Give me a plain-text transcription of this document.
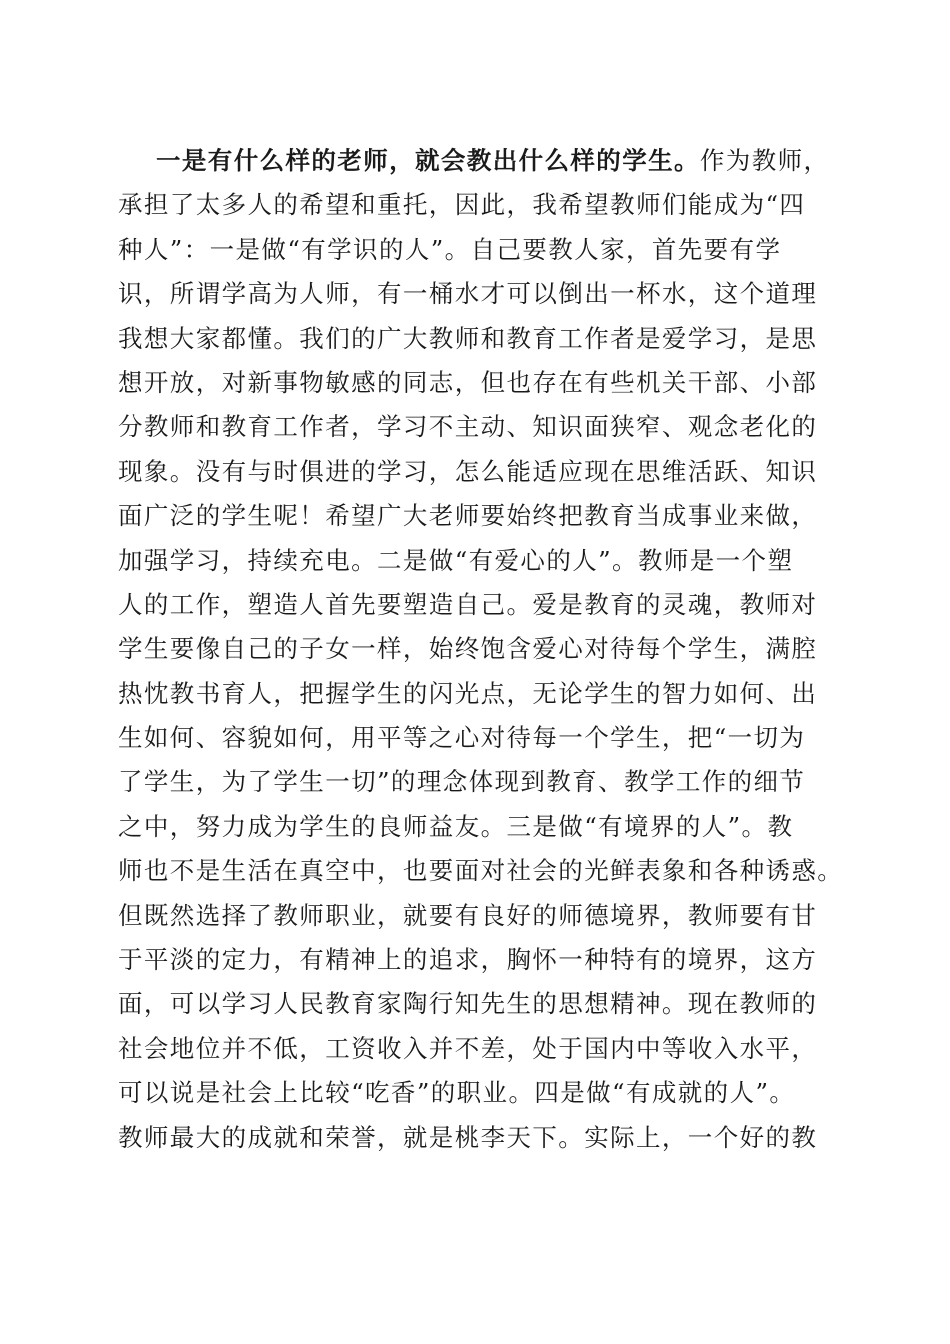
一是有什么样的老师，就会教出什么样的学生。作为教师，
承担了太多人的希望和重托，因此，我希望教师们能成为“四
种人”：一是做“有学识的人”。自己要教人家，首先要有学
识，所谓学高为人师，有一桶水才可以倒出一杯水，这个道理
我想大家都懂。我们的广大教师和教育工作者是爱学习，是思
想开放，对新事物敏感的同志，但也存在有些机关干部、小部
分教师和教育工作者，学习不主动、知识面狭窄、观念老化的
现象。没有与时俱进的学习，怎么能适应现在思维活跃、知识
面广泛的学生呢！希望广大老师要始终把教育当成事业来做，
加强学习，持续充电。二是做“有爱心的人”。教师是一个塑
人的工作，塑造人首先要塑造自己。爱是教育的灵魂，教师对
学生要像自己的子女一样，始终饱含爱心对待每个学生，满腔
热忱教书育人，把握学生的闪光点，无论学生的智力如何、出
生如何、容貌如何，用平等之心对待每一个学生，把“一切为
了学生，为了学生一切”的理念体现到教育、教学工作的细节
之中，努力成为学生的良师益友。三是做“有境界的人”。教
师也不是生活在真空中，也要面对社会的光鲜表象和各种诱惑。
但既然选择了教师职业，就要有良好的师德境界，教师要有甘
于平淡的定力，有精神上的追求，胸怀一种特有的境界，这方
面，可以学习人民教育家陶行知先生的思想精神。现在教师的
社会地位并不低，工资收入并不差，处于国内中等收入水平，
可以说是社会上比较“吃香”的职业。四是做“有成就的人”。
教师最大的成就和荣誉，就是桃李天下。实际上，一个好的教
